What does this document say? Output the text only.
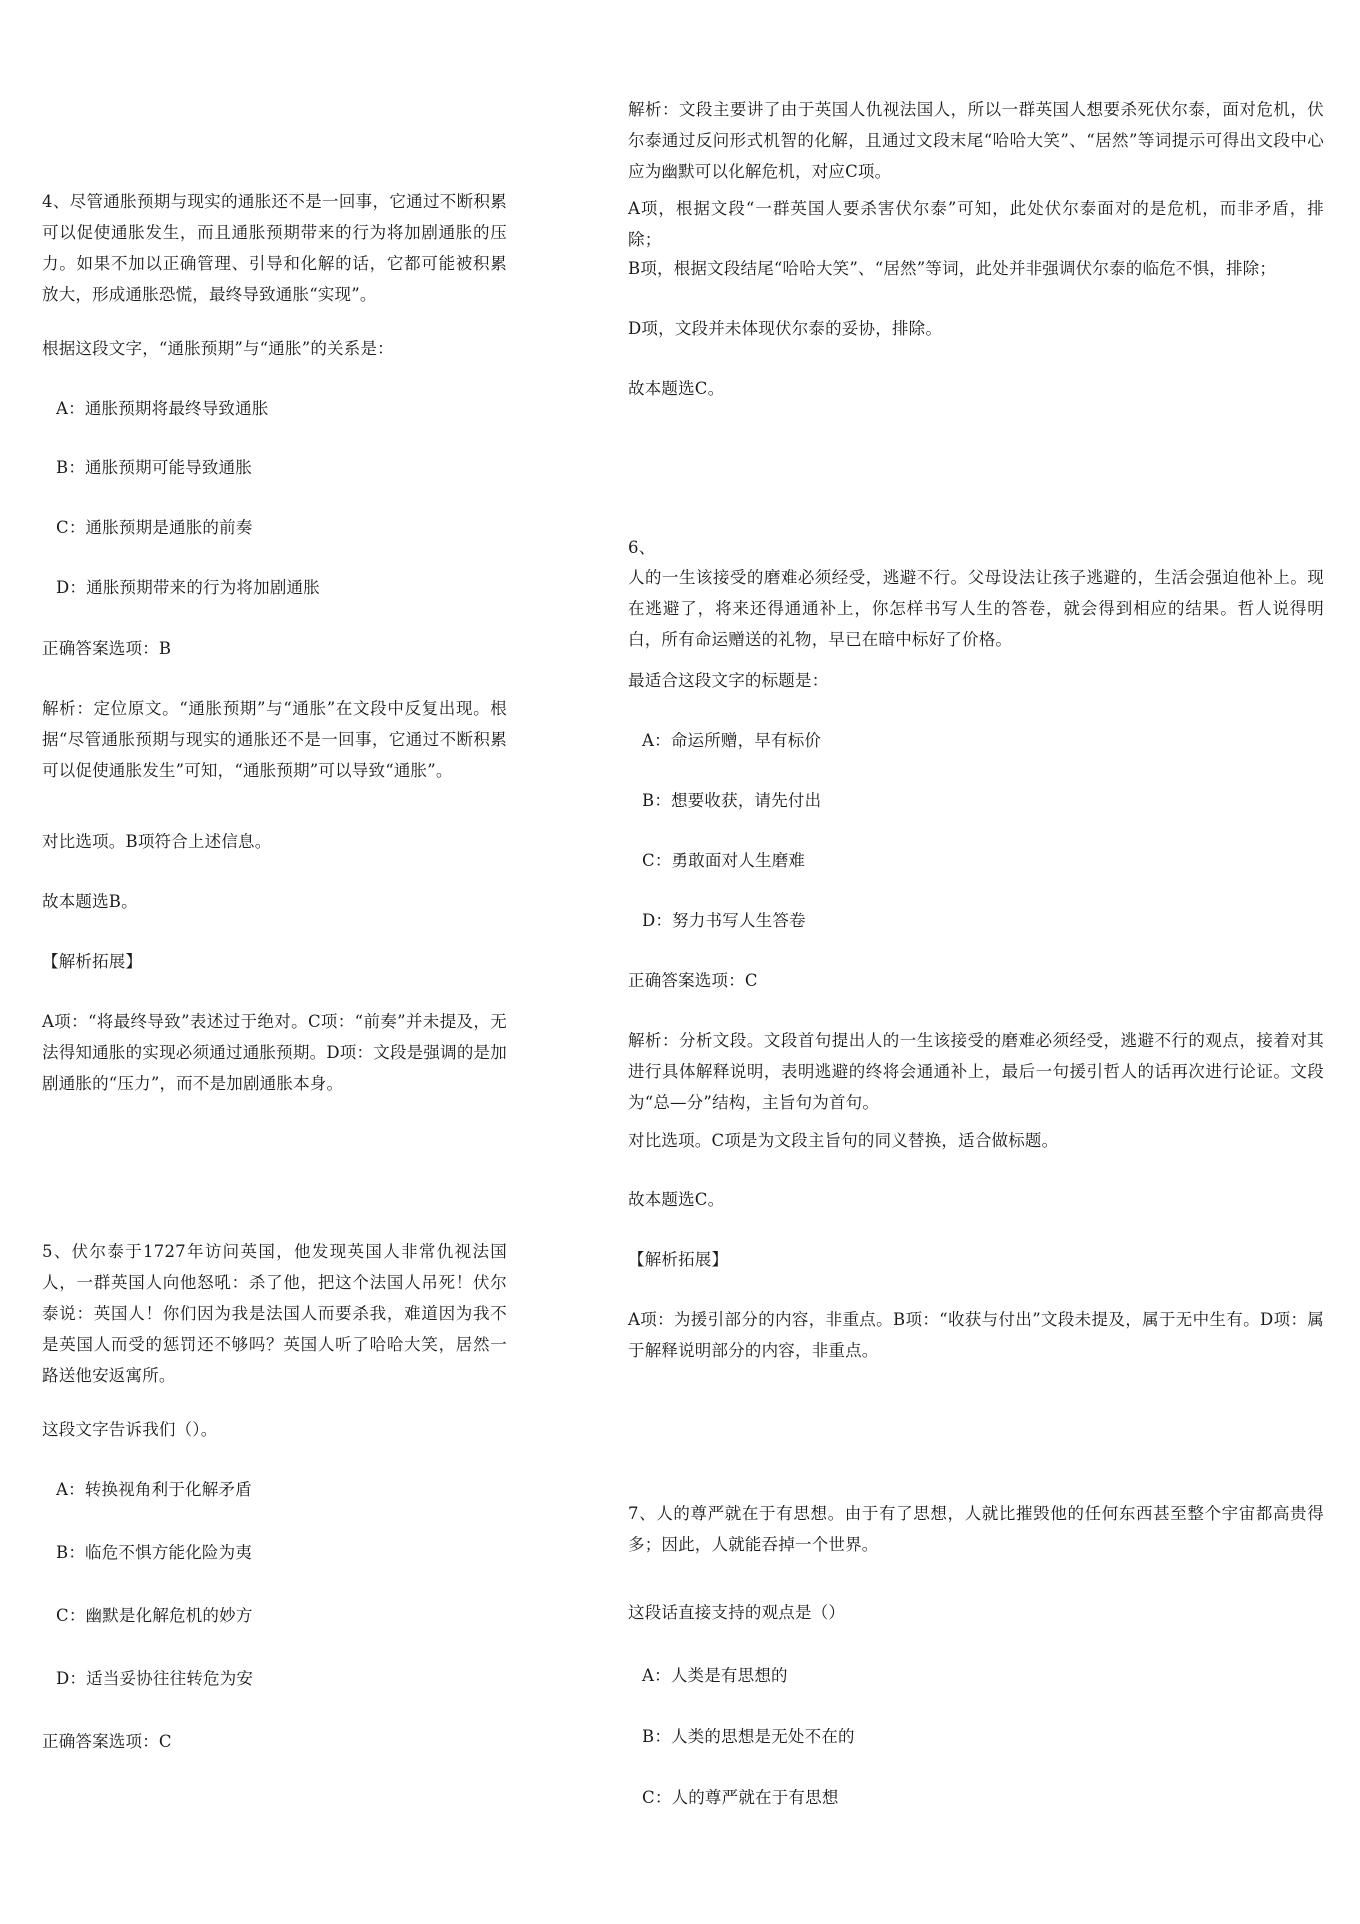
4、尽管通胀预期与现实的通胀还不是一回事，它通过不断积累可以促使通胀发生，而且通胀预期带来的行为将加剧通胀的压力。如果不加以正确管理、引导和化解的话，它都可能被积累放大，形成通胀恐慌，最终导致通胀“实现”。

根据这段文字，“通胀预期”与“通胀”的关系是：

A：通胀预期将最终导致通胀

B：通胀预期可能导致通胀

C：通胀预期是通胀的前奏

D：通胀预期带来的行为将加剧通胀

正确答案选项：B

解析：定位原文。“通胀预期”与“通胀”在文段中反复出现。根据“尽管通胀预期与现实的通胀还不是一回事，它通过不断积累可以促使通胀发生”可知，“通胀预期”可以导致“通胀”。

对比选项。B项符合上述信息。

故本题选B。

【解析拓展】

A项：“将最终导致”表述过于绝对。C项：“前奏”并未提及，无法得知通胀的实现必须通过通胀预期。D项：文段是强调的是加剧通胀的“压力”，而不是加剧通胀本身。

5、伏尔泰于1727年访问英国，他发现英国人非常仇视法国人，一群英国人向他怒吼：杀了他，把这个法国人吊死！伏尔泰说：英国人！你们因为我是法国人而要杀我，难道因为我不是英国人而受的惩罚还不够吗？英国人听了哈哈大笑，居然一路送他安返寓所。

这段文字告诉我们（）。

A：转换视角利于化解矛盾

B：临危不惧方能化险为夷

C：幽默是化解危机的妙方

D：适当妥协往往转危为安

正确答案选项：C

解析：文段主要讲了由于英国人仇视法国人，所以一群英国人想要杀死伏尔泰，面对危机，伏尔泰通过反问形式机智的化解，且通过文段末尾“哈哈大笑”、“居然”等词提示可得出文段中心应为幽默可以化解危机，对应C项。

A项，根据文段“一群英国人要杀害伏尔泰”可知，此处伏尔泰面对的是危机，而非矛盾，排除；

B项，根据文段结尾“哈哈大笑”、“居然”等词，此处并非强调伏尔泰的临危不惧，排除；

D项，文段并未体现伏尔泰的妥协，排除。

故本题选C。

6、

人的一生该接受的磨难必须经受，逃避不行。父母设法让孩子逃避的，生活会强迫他补上。现在逃避了，将来还得通通补上，你怎样书写人生的答卷，就会得到相应的结果。哲人说得明白，所有命运赠送的礼物，早已在暗中标好了价格。

最适合这段文字的标题是：

A：命运所赠，早有标价

B：想要收获，请先付出

C：勇敢面对人生磨难

D：努力书写人生答卷

正确答案选项：C

解析：分析文段。文段首句提出人的一生该接受的磨难必须经受，逃避不行的观点，接着对其进行具体解释说明，表明逃避的终将会通通补上，最后一句援引哲人的话再次进行论证。文段为“总—分”结构，主旨句为首句。

对比选项。C项是为文段主旨句的同义替换，适合做标题。

故本题选C。

【解析拓展】

A项：为援引部分的内容，非重点。B项：“收获与付出”文段未提及，属于无中生有。D项：属于解释说明部分的内容，非重点。

7、人的尊严就在于有思想。由于有了思想，人就比摧毁他的任何东西甚至整个宇宙都高贵得多；因此，人就能吞掉一个世界。

这段话直接支持的观点是（）

A：人类是有思想的

B：人类的思想是无处不在的

C：人的尊严就在于有思想
